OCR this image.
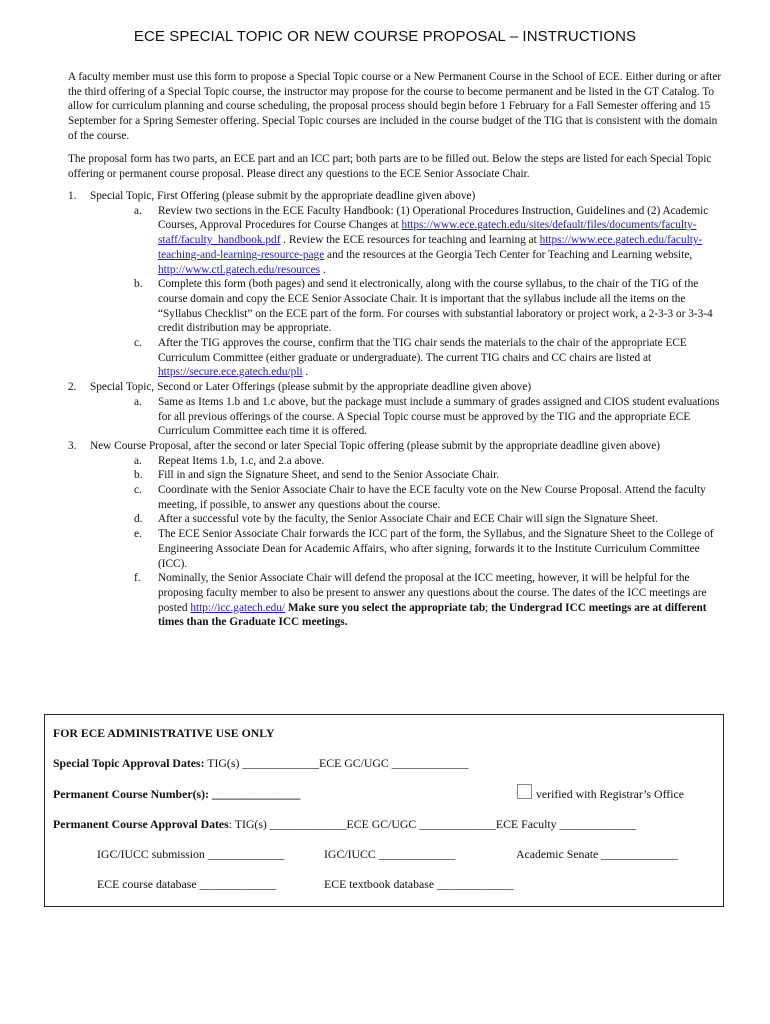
ECE SPECIAL TOPIC OR NEW COURSE PROPOSAL – INSTRUCTIONS
A faculty member must use this form to propose a Special Topic course or a New Permanent Course in the School of ECE. Either during or after the third offering of a Special Topic course, the instructor may propose for the course to become permanent and be listed in the GT Catalog. To allow for curriculum planning and course scheduling, the proposal process should begin before 1 February for a Fall Semester offering and 15 September for a Spring Semester offering. Special Topic courses are included in the course budget of the TIG that is consistent with the domain of the course.
The proposal form has two parts, an ECE part and an ICC part; both parts are to be filled out. Below the steps are listed for each Special Topic offering or permanent course proposal. Please direct any questions to the ECE Senior Associate Chair.
1. Special Topic, First Offering (please submit by the appropriate deadline given above)
a.	Review two sections in the ECE Faculty Handbook: (1) Operational Procedures Instruction, Guidelines and (2) Academic Courses, Approval Procedures for Course Changes at https://www.ece.gatech.edu/sites/default/files/documents/faculty-staff/faculty_handbook.pdf . Review the ECE resources for teaching and learning at https://www.ece.gatech.edu/faculty-teaching-and-learning-resource-page and the resources at the Georgia Tech Center for Teaching and Learning website, http://www.ctl.gatech.edu/resources .
b.	Complete this form (both pages) and send it electronically, along with the course syllabus, to the chair of the TIG of the course domain and copy the ECE Senior Associate Chair. It is important that the syllabus include all the items on the “Syllabus Checklist” on the ECE part of the form. For courses with substantial laboratory or project work, a 2-3-3 or 3-3-4 credit distribution may be appropriate.
c.	After the TIG approves the course, confirm that the TIG chair sends the materials to the chair of the appropriate ECE Curriculum Committee (either graduate or undergraduate). The current TIG chairs and CC chairs are listed at https://secure.ece.gatech.edu/pli .
2. Special Topic, Second or Later Offerings (please submit by the appropriate deadline given above)
a.	Same as Items 1.b and 1.c above, but the package must include a summary of grades assigned and CIOS student evaluations for all previous offerings of the course. A Special Topic course must be approved by the TIG and the appropriate ECE Curriculum Committee each time it is offered.
3. New Course Proposal, after the second or later Special Topic offering (please submit by the appropriate deadline given above)
a.	Repeat Items 1.b, 1.c, and 2.a above.
b.	Fill in and sign the Signature Sheet, and send to the Senior Associate Chair.
c.	Coordinate with the Senior Associate Chair to have the ECE faculty vote on the New Course Proposal. Attend the faculty meeting, if possible, to answer any questions about the course.
d.	After a successful vote by the faculty, the Senior Associate Chair and ECE Chair will sign the Signature Sheet.
e.	The ECE Senior Associate Chair forwards the ICC part of the form, the Syllabus, and the Signature Sheet to the College of Engineering Associate Dean for Academic Affairs, who after signing, forwards it to the Institute Curriculum Committee (ICC).
f.	Nominally, the Senior Associate Chair will defend the proposal at the ICC meeting, however, it will be helpful for the proposing faculty member to also be present to answer any questions about the course. The dates of the ICC meetings are posted http://icc.gatech.edu/ Make sure you select the appropriate tab; the Undergrad ICC meetings are at different times than the Graduate ICC meetings.
FOR ECE ADMINISTRATIVE USE ONLY
Special Topic Approval Dates: TIG(s) _____________ECE GC/UGC _____________
Permanent Course Number(s): _______________	verified with Registrar’s Office
Permanent Course Approval Dates: TIG(s) _____________ECE GC/UGC _____________ECE Faculty _____________
IGC/IUCC submission _____________	IGC/IUCC _____________	Academic Senate _____________
ECE course database _____________	ECE textbook database _____________
